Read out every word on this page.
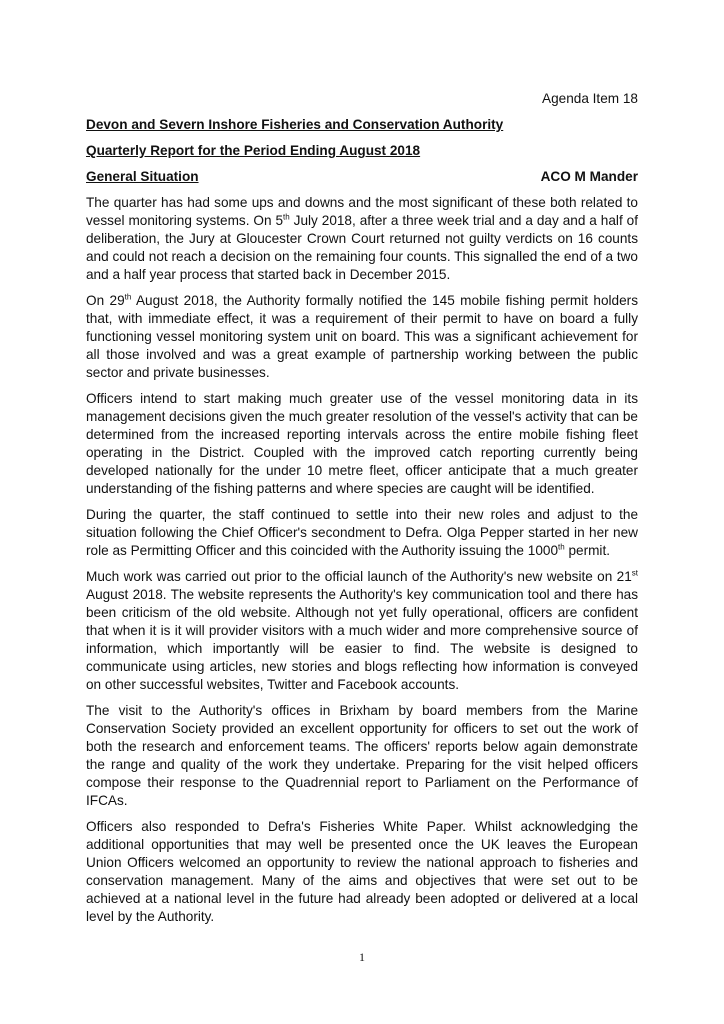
Agenda Item 18
Devon and Severn Inshore Fisheries and Conservation Authority
Quarterly Report for the Period Ending August 2018
General Situation	ACO M Mander

The quarter has had some ups and downs and the most significant of these both related to vessel monitoring systems. On 5th July 2018, after a three week trial and a day and a half of deliberation, the Jury at Gloucester Crown Court returned not guilty verdicts on 16 counts and could not reach a decision on the remaining four counts. This signalled the end of a two and a half year process that started back in December 2015.

On 29th August 2018, the Authority formally notified the 145 mobile fishing permit holders that, with immediate effect, it was a requirement of their permit to have on board a fully functioning vessel monitoring system unit on board. This was a significant achievement for all those involved and was a great example of partnership working between the public sector and private businesses.

Officers intend to start making much greater use of the vessel monitoring data in its management decisions given the much greater resolution of the vessel's activity that can be determined from the increased reporting intervals across the entire mobile fishing fleet operating in the District. Coupled with the improved catch reporting currently being developed nationally for the under 10 metre fleet, officer anticipate that a much greater understanding of the fishing patterns and where species are caught will be identified.

During the quarter, the staff continued to settle into their new roles and adjust to the situation following the Chief Officer's secondment to Defra. Olga Pepper started in her new role as Permitting Officer and this coincided with the Authority issuing the 1000th permit.

Much work was carried out prior to the official launch of the Authority's new website on 21st August 2018. The website represents the Authority's key communication tool and there has been criticism of the old website. Although not yet fully operational, officers are confident that when it is it will provider visitors with a much wider and more comprehensive source of information, which importantly will be easier to find. The website is designed to communicate using articles, new stories and blogs reflecting how information is conveyed on other successful websites, Twitter and Facebook accounts.

The visit to the Authority's offices in Brixham by board members from the Marine Conservation Society provided an excellent opportunity for officers to set out the work of both the research and enforcement teams. The officers' reports below again demonstrate the range and quality of the work they undertake. Preparing for the visit helped officers compose their response to the Quadrennial report to Parliament on the Performance of IFCAs.

Officers also responded to Defra's Fisheries White Paper. Whilst acknowledging the additional opportunities that may well be presented once the UK leaves the European Union Officers welcomed an opportunity to review the national approach to fisheries and conservation management. Many of the aims and objectives that were set out to be achieved at a national level in the future had already been adopted or delivered at a local level by the Authority.

1
